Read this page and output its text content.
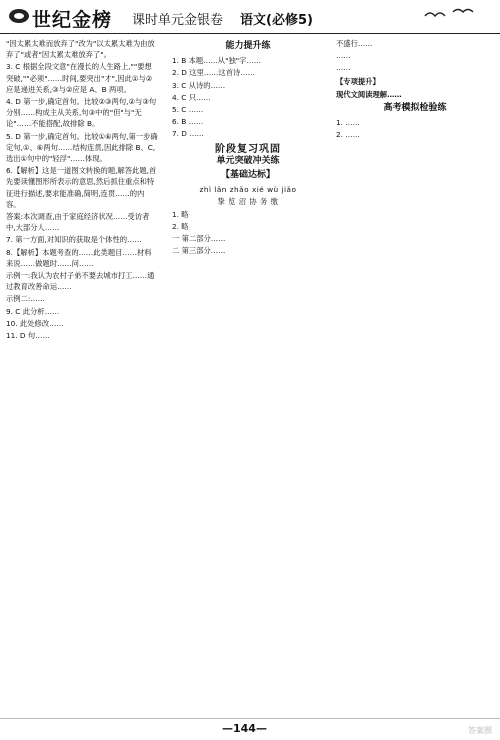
世纪金榜 课时单元金银卷 语文(必修5)

"因太累太难而放弃了"改为"以太累太难为由放弃了"或者"因太累太难放弃了"。

3. C 根据全段文意"在漫长的人生路上,""要想突破,""必须"……时间,要突出"才",因此①与②应是递进关系,③与②应是 A、B 两项。

4. D 第一步,确定首句。比较②③两句,②与③句分别……构成主从关系,句③中的"但"与"无论"……不能搭配,故排除 B。

5. D 第一步,确定首句。比较①⑥两句,第一步确定句,①、⑥两句……结构连贯,因此排除 B、C,选出①句中的"轻浮"……体现。

6.【解析】这是一道图文转换的题,解答此题,首先要读懂图形所表示的意思,然后抓住重点和特征进行描述,要求能准确,简明,连贯……的内容。

答案:本次调查,由于家庭经济状况……受访者中,大部分人……

7. 第一方面,对知识的获取是个体性的……

8.【解析】本题考查的……此类题目……材料来说……做题时……问……

示例一:我认为农村子弟不要去城市打工……通过教育改善命运……

示例二:……

9. C 此分析……

10. 此处修改……

11. D 句……

能力提升练

1. B 本题……从"独"字……

2. D 这里……这首诗……

3. C 从诗的……

4. C 只……

5. C ……

6. B ……

7. D ……

阶段复习巩固
单元突破冲关练
【基础达标】

zhì lǎn zhǎo xié wù jiǎo

挚 览 沼 协 务 缴

1. 略

2. 略

一 第二部分……

二 第三部分……

不盛行……

……

……

【专项提升】

现代文阅读理解……

高考模拟检验练

1. ……

2. ……

—144—	答案圈
